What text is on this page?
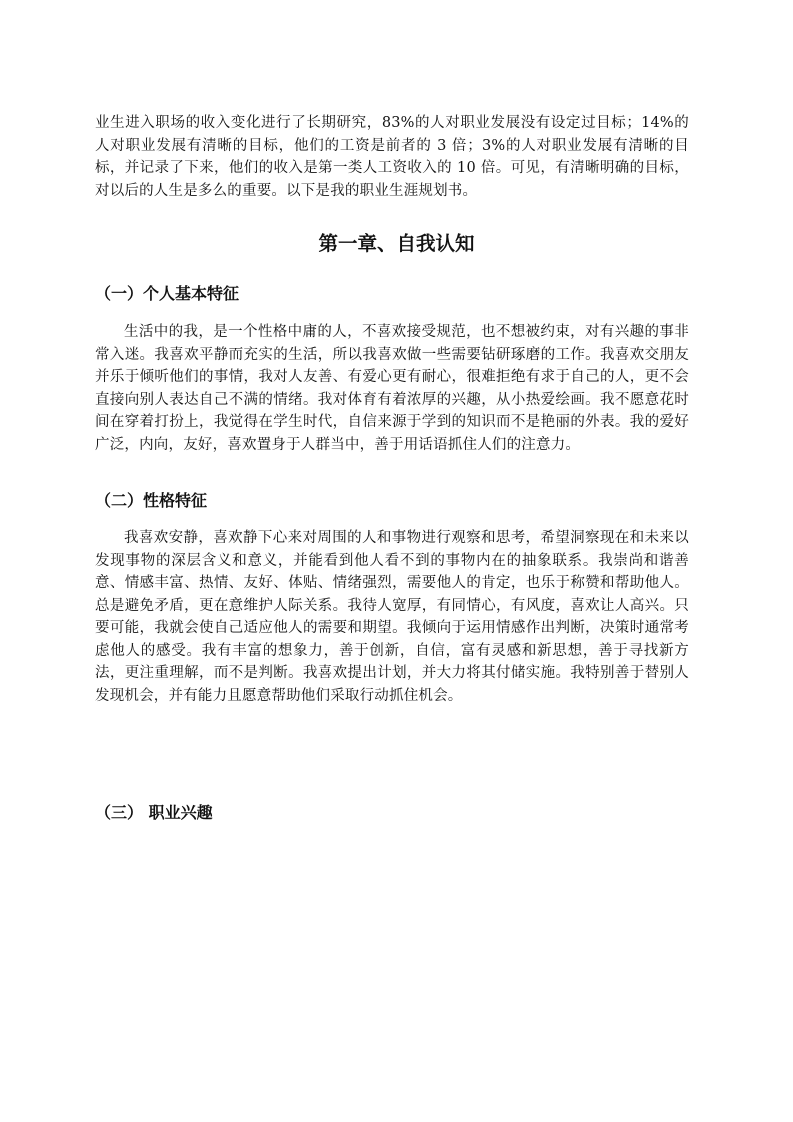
业生进入职场的收入变化进行了长期研究，83%的人对职业发展没有设定过目标；14%的人对职业发展有清晰的目标，他们的工资是前者的 3 倍；3%的人对职业发展有清晰的目标，并记录了下来，他们的收入是第一类人工资收入的 10 倍。可见，有清晰明确的目标，对以后的人生是多么的重要。以下是我的职业生涯规划书。

第一章、自我认知
（一）个人基本特征

生活中的我，是一个性格中庸的人，不喜欢接受规范，也不想被约束，对有兴趣的事非常入迷。我喜欢平静而充实的生活，所以我喜欢做一些需要钻研琢磨的工作。我喜欢交朋友并乐于倾听他们的事情，我对人友善、有爱心更有耐心，很难拒绝有求于自己的人，更不会直接向别人表达自己不满的情绪。我对体育有着浓厚的兴趣，从小热爱绘画。我不愿意花时间在穿着打扮上，我觉得在学生时代，自信来源于学到的知识而不是艳丽的外表。我的爱好广泛，内向，友好，喜欢置身于人群当中，善于用话语抓住人们的注意力。

（二）性格特征

我喜欢安静，喜欢静下心来对周围的人和事物进行观察和思考，希望洞察现在和未来以发现事物的深层含义和意义，并能看到他人看不到的事物内在的抽象联系。我崇尚和谐善意、情感丰富、热情、友好、体贴、情绪强烈，需要他人的肯定，也乐于称赞和帮助他人。总是避免矛盾，更在意维护人际关系。我待人宽厚，有同情心，有风度，喜欢让人高兴。只要可能，我就会使自己适应他人的需要和期望。我倾向于运用情感作出判断，决策时通常考虑他人的感受。我有丰富的想象力，善于创新，自信，富有灵感和新思想，善于寻找新方法，更注重理解，而不是判断。我喜欢提出计划，并大力将其付储实施。我特别善于替别人发现机会，并有能力且愿意帮助他们采取行动抓住机会。

（三） 职业兴趣
